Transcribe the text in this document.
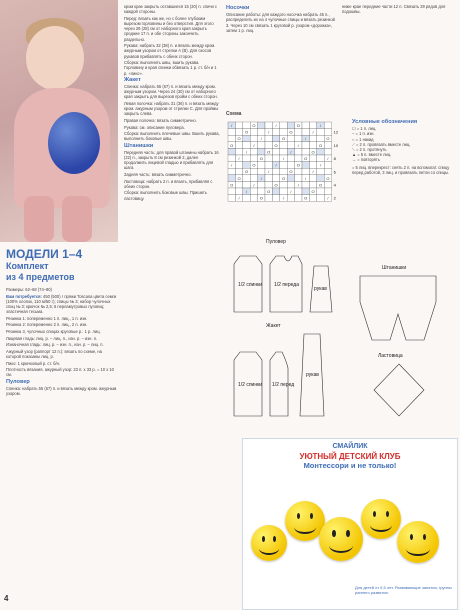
МОДЕЛИ 1–4
Комплект
из 4 предметов

Размеры: 62–68 (74–80)

Вам потребуется: 450 (500) г пряжи Toscana цвета семги (100% хлопок, 110 м/50 г); спицы № 3; набор чулочных спиц № 3; крючок № 2,5; 6 перламутровых пуговиц; эластичная тесьма.

Резинка 1: попеременно 1 п. лиц., 1 п. изн.

Резинка 2: попеременно 2 п. лиц., 2 п. изн.

Резинка 3, чулочных спицах круговые р.: 1 р. лиц.

Лицевая гладь: лиц. р. – лиц. п., изн. р. – изн. п.

Изнаночная гладь: лиц. р. – изн. п., изн. р. – лиц. п.

Ажурный узор (раппорт 12 п.): вязать по схеме, на которой показаны лиц. р.

Пико: 1 крючковый р. ст. б/н.

Плотность вязания, ажурный узор: 23 п. х 33 р. = 10 х 10 см.

Пуловер

Спинка: набрать 55 (67) п. и вязать между кром. ажурным узором.

4

кром крае закрыть оставшиеся 15 (20) п. спичи с каждой стороны.

Перед: вязать как же, но с более глубоким вырезом горловины и без отверстия. Для этого через 29 (28) см от наборного края закрыть средние 17 п. и обе стороны закончить раздельно.

Рукава: набрать 32 (38) п. и вязать между кром. ажурным узором от стрелки А (В). Для скосов рукавов прибавлять с обеих сторон.

Сборка: выполнить швы, вшить рукава. Горловину и края спинки обвязать 1 р. ст. б/н и 1 р. «пико».

Жакет

Спинка: набрать 55 (67) п. и вязать между кром. ажурным узором. Через 24 (30) см от наборного края закрыть для вырезов пройм с обеих сторон.

Левая полочка: набрать 31 (36) п. и вязать между кром. ажурным узором от стрелки С. Для проймы закрыть слева.

Правая полочка: вязать симметрично.

Рукава: см. описание пуловера.

Сборка: выполнить плечевые швы. Вшить рукава, выполнить боковые швы.

Штанишки

Передняя часть: для правой штанины набрать 16 (22) п., закрыть 8 см резинкой 2, далее продолжить лицевой гладью и прибавлять для шага.

Задняя часть: вязать симметрично.

Ластовица: набрать 2 п. и вязать, прибавляя с обеих сторон.

Сборка: выполнить боковые швы. Пришить ластовицу.

Носочки

Описание работы: для каждого носочка набрать 45 п., распределить их на 4 чулочные спицы и вязать резинкой 3. Через 10 см связать 1 круговой р. узором «дорожка», затем 1 р. лиц.

ниже крае передние части 12 п. Связать 29 рядов для подошвы.

Схема
/	O	/	O	/
O	/	O	/
O	/	O	/	O
O	/	O	/	O
/	O	/	O
/	O	/	O	/
/	O	/	O	/
O	/	O	/
O	/	O	/	O
O	/	O	/	O
/	O	/	O
/	O	/	O	/
12
10
8
6
4
2
Условные обозначения
☐ = 1 п. лиц.
− = 1 п. изн.
○ = 1 накид
⟋ = 2 п. провязать вместе лиц.
⟍ = 2 п. протянуть
▲ = 5 п. вместе лиц.
↔ = повторять

= 5 лиц. вперекрест: снять 2 п. на вспомогат. спицу перед работой, 3 лиц. и провязать петли со спицы.

Пуловер
1/2 спинки 1/2 переда
рукав
Жакет
1/2 спинки 1/2 перед
рукав
Штанишки
Ластовица
СМАЙЛИК
УЮТНЫЙ ДЕТСКИЙ КЛУБ
Монтессори и не только!
Для детей от 9,5 лет. Развивающие занятия, группы раннего развития.
